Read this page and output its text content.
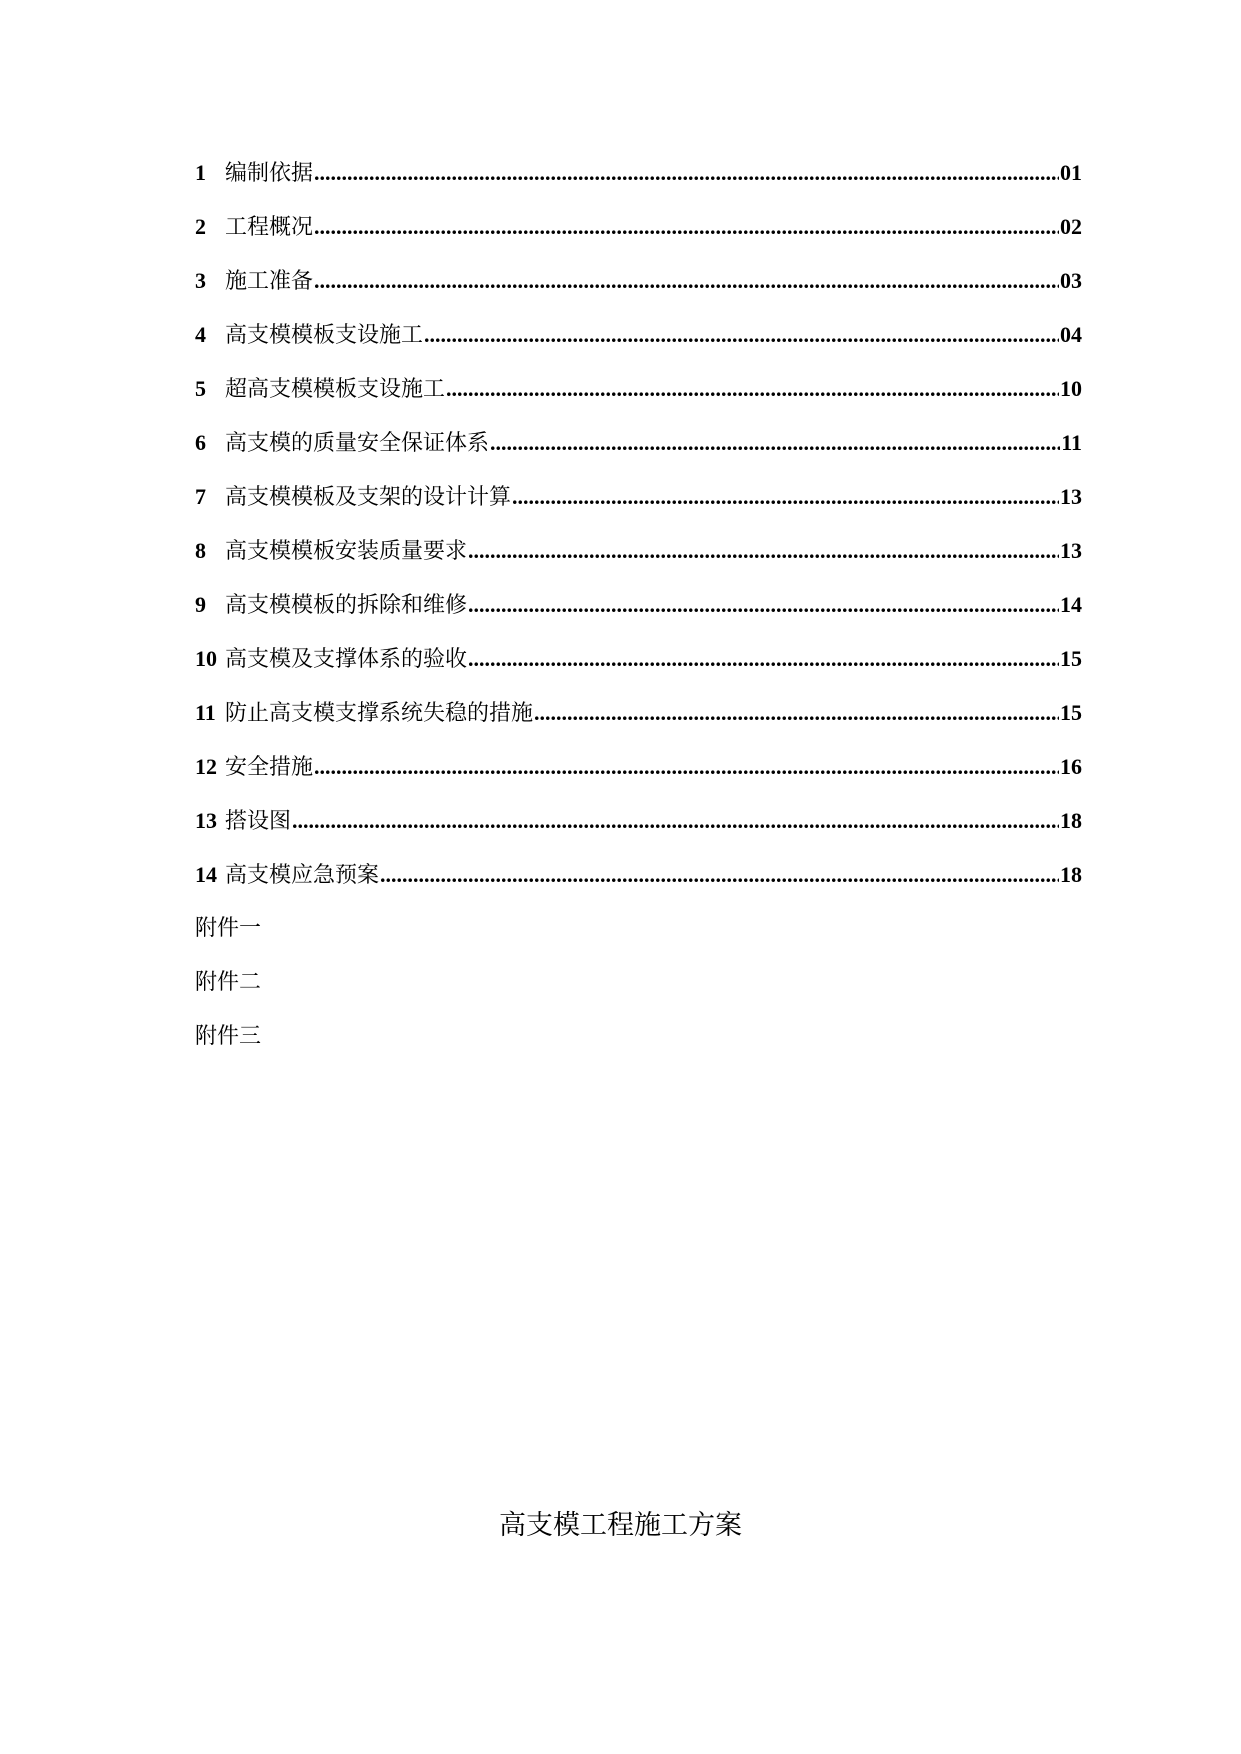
1 编制依据 .....	01
2 工程概况 .....	02
3 施工准备 .....	03
4 高支模模板支设施工 .....	04
5 超高支模模板支设施工 .....	10
6 高支模的质量安全保证体系 .....	11
7 高支模模板及支架的设计计算 .....	13
8 高支模模板安装质量要求 .....	13
9 高支模模板的拆除和维修 .....	14
10 高支模及支撑体系的验收 .....	15
11 防止高支模支撑系统失稳的措施 .....	15
12 安全措施 .....	16
13 搭设图 .....	18
14 高支模应急预案 .....	18
附件一
附件二
附件三
高支模工程施工方案
